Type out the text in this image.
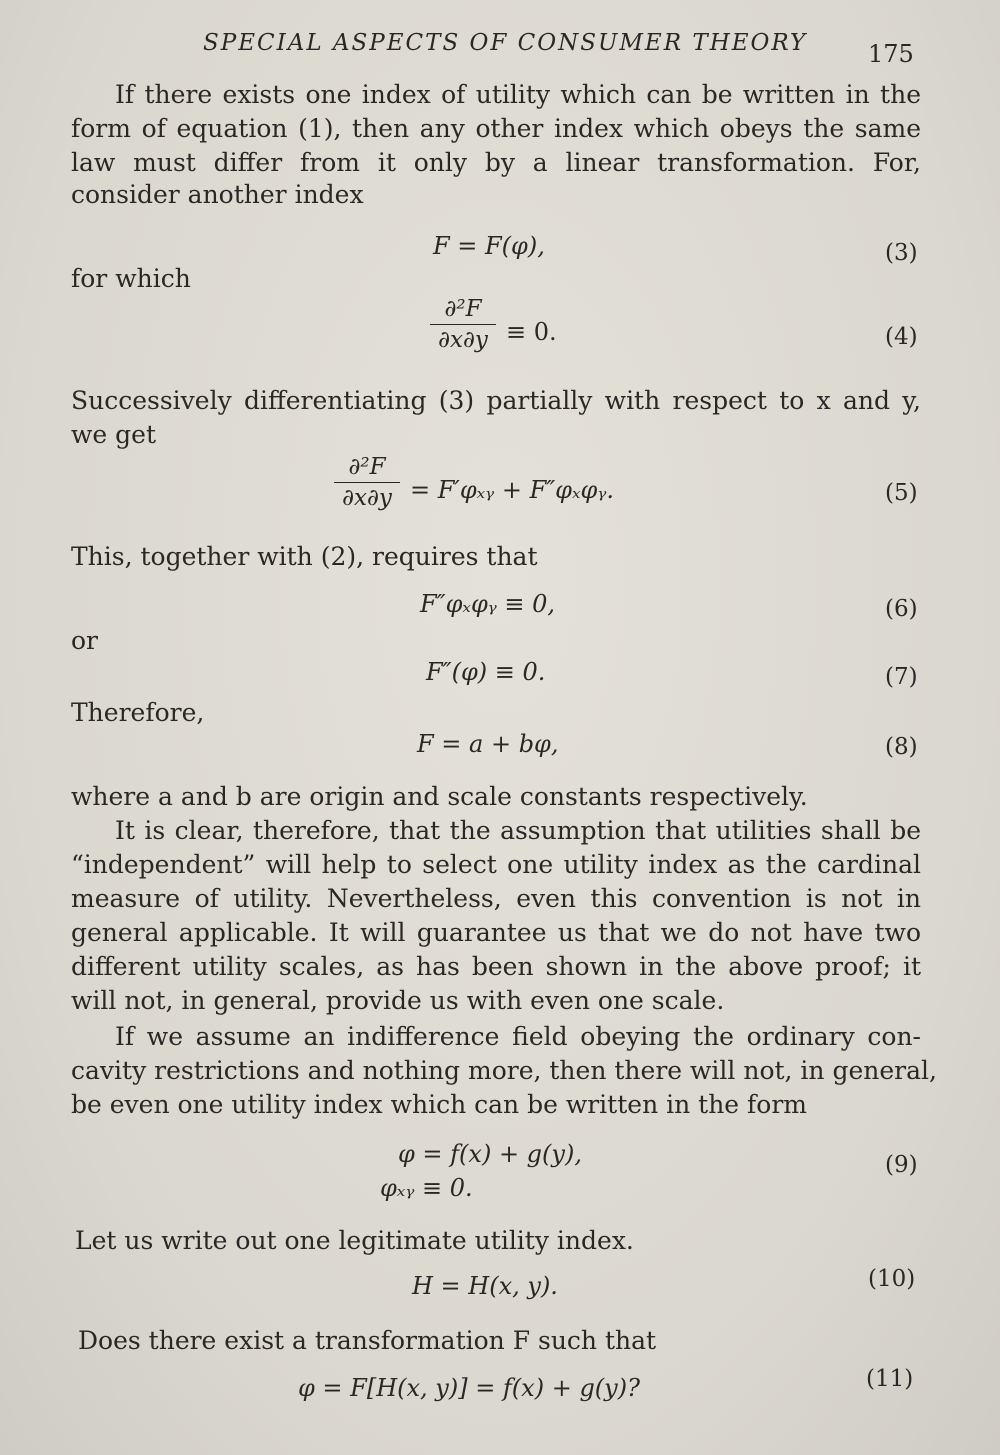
SPECIAL ASPECTS OF CONSUMER THEORY	175
If there exists one index of utility which can be written in the
form of equation (1), then any other index which obeys the same
law must differ from it only by a linear transformation. For,
consider another index
F = F(φ),	(3)
for which
∂²F
∂x∂y ≡ 0.	(4)
Successively differentiating (3) partially with respect to x and y,
we get
∂²F
∂x∂y = F′φₓᵧ + F″φₓφᵧ.	(5)
This, together with (2), requires that
F″φₓφᵧ ≡ 0,	(6)
or
F″(φ) ≡ 0.	(7)
Therefore,
F = a + bφ,	(8)
where a and b are origin and scale constants respectively.
It is clear, therefore, that the assumption that utilities shall be
“independent” will help to select one utility index as the cardinal
measure of utility. Nevertheless, even this convention is not in
general applicable. It will guarantee us that we do not have two
different utility scales, as has been shown in the above proof; it
will not, in general, provide us with even one scale.
If we assume an indifference field obeying the ordinary con-
cavity restrictions and nothing more, then there will not, in general,
be even one utility index which can be written in the form
φ = f(x) + g(y),
φₓᵧ ≡ 0.
(9)
Let us write out one legitimate utility index.
H = H(x, y).	(10)
Does there exist a transformation F such that
φ = F[H(x, y)] = f(x) + g(y)?	(11)
